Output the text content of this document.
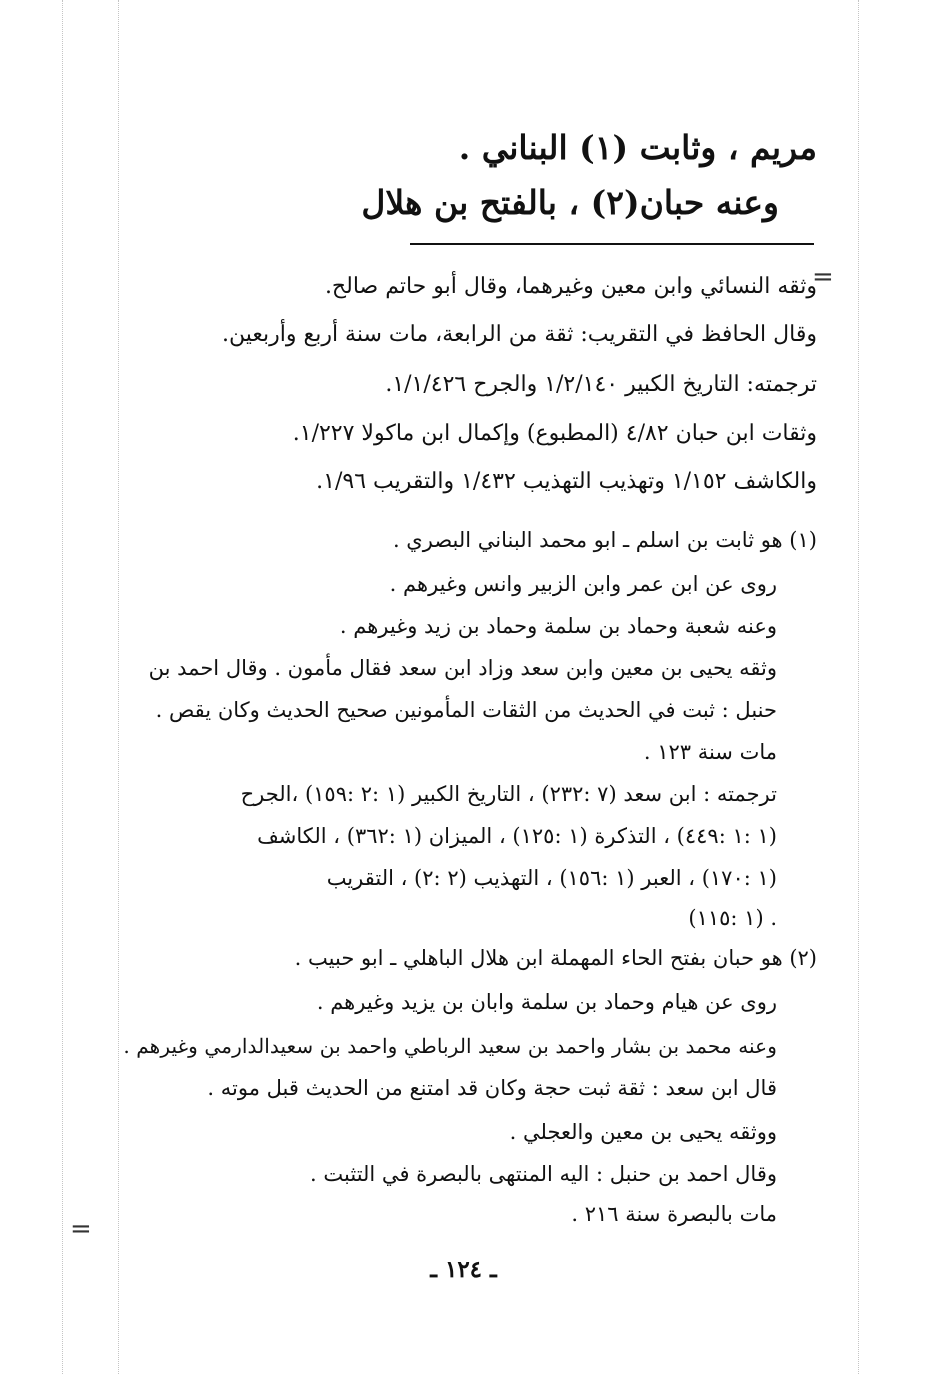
مريم ، وثابت (١) البناني .
وعنه حبان(٢) ، بالفتح بن هلال
=
وثقه النسائي وابن معين وغيرهما، وقال أبو حاتم صالح.
وقال الحافظ في التقريب: ثقة من الرابعة، مات سنة أربع وأربعين.
ترجمته: التاريخ الكبير ١/٢/١٤٠ والجرح ١/١/٤٢٦.
وثقات ابن حبان ٤/٨٢ (المطبوع) وإكمال ابن ماكولا ١/٢٢٧.
والكاشف ١/١٥٢ وتهذيب التهذيب ١/٤٣٢ والتقريب ١/٩٦.
(١) هو ثابت بن اسلم ـ ابو محمد البناني البصري .
روى عن ابن عمر وابن الزبير وانس وغيرهم .
وعنه شعبة وحماد بن سلمة وحماد بن زيد وغيرهم .
وثقه يحيى بن معين وابن سعد وزاد ابن سعد فقال مأمون . وقال احمد بن
حنبل : ثبت في الحديث من الثقات المأمونين صحيح الحديث وكان يقص .
مات سنة ١٢٣ .
ترجمته : ابن سعد (٧ :٢٣٢) ، التاريخ الكبير (١ :٢ :١٥٩) ،الجرح
(١ :١ :٤٤٩) ، التذكرة (١ :١٢٥) ، الميزان (١ :٣٦٢) ، الكاشف
(١ :١٧٠) ، العبر (١ :١٥٦) ، التهذيب (٢ :٢) ، التقريب
. (١ :١١٥)
(٢) هو حبان بفتح الحاء المهملة ابن هلال الباهلي ـ ابو حبيب .
روى عن هيام وحماد بن سلمة وابان بن يزيد وغيرهم .
وعنه محمد بن بشار واحمد بن سعيد الرباطي واحمد بن سعيدالدارمي وغيرهم .
قال ابن سعد : ثقة ثبت حجة وكان قد امتنع من الحديث قبل موته .
ووثقه يحيى بن معين والعجلي .
وقال احمد بن حنبل : اليه المنتهى بالبصرة في التثبت .
مات بالبصرة سنة ٢١٦ .
=
ـ ١٢٤ ـ
